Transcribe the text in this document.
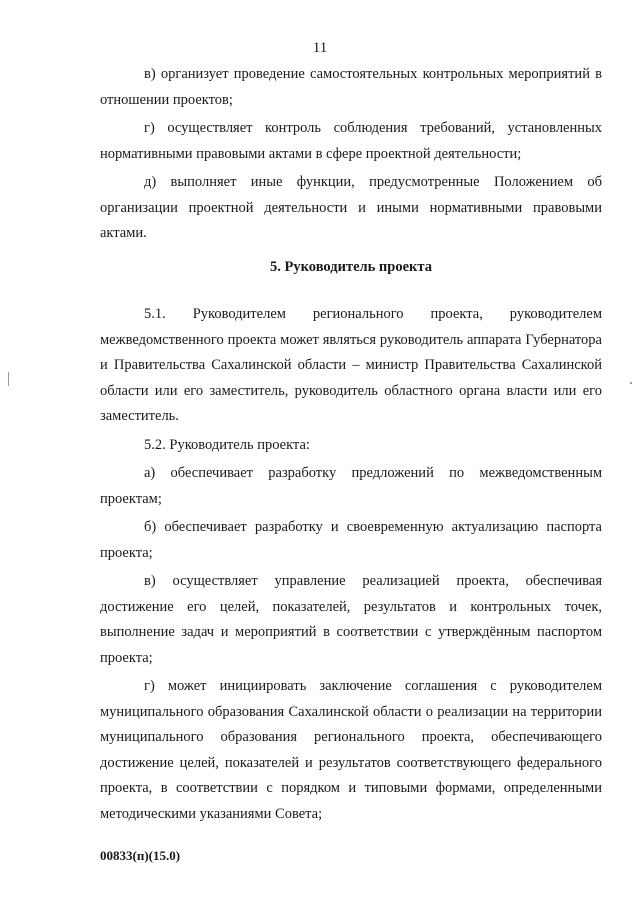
11

в) организует проведение самостоятельных контрольных мероприятий в отношении проектов;

г) осуществляет контроль соблюдения требований, установленных нормативными правовыми актами в сфере проектной деятельности;

д) выполняет иные функции, предусмотренные Положением об организации проектной деятельности и иными нормативными правовыми актами.

5. Руководитель проекта

5.1. Руководителем регионального проекта, руководителем межведомственного проекта может являться руководитель аппарата Губернатора и Правительства Сахалинской области – министр Правительства Сахалинской области или его заместитель, руководитель областного органа власти или его заместитель.

5.2. Руководитель проекта:

а) обеспечивает разработку предложений по межведомственным проектам;

б) обеспечивает разработку и своевременную актуализацию паспорта проекта;

в) осуществляет управление реализацией проекта, обеспечивая достижение его целей, показателей, результатов и контрольных точек, выполнение задач и мероприятий в соответствии с утверждённым паспортом проекта;

г) может инициировать заключение соглашения с руководителем муниципального образования Сахалинской области о реализации на территории муниципального образования регионального проекта, обеспечивающего достижение целей, показателей и результатов соответствующего федерального проекта, в соответствии с порядком и типовыми формами, определенными методическими указаниями Совета;

00833(п)(15.0)
